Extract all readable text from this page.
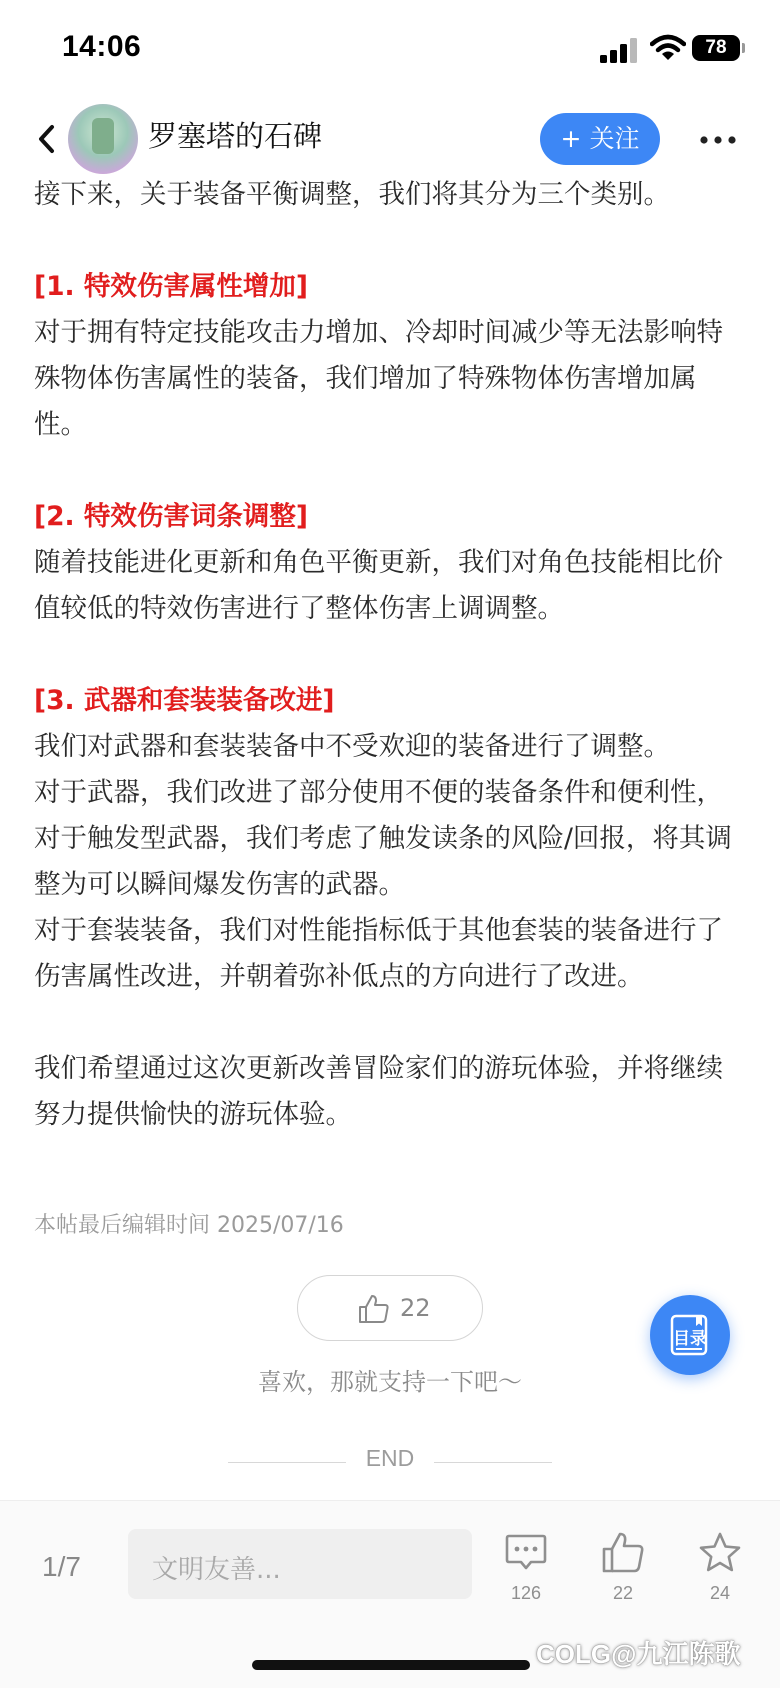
14:06	78
罗塞塔的石碑	+ 关注

接下来，关于装备平衡调整，我们将其分为三个类别。

[1. 特效伤害属性增加]

对于拥有特定技能攻击力增加、冷却时间减少等无法影响特殊物体伤害属性的装备，我们增加了特殊物体伤害增加属性。

[2. 特效伤害词条调整]

随着技能进化更新和角色平衡更新，我们对角色技能相比价值较低的特效伤害进行了整体伤害上调调整。

[3. 武器和套装装备改进]

我们对武器和套装装备中不受欢迎的装备进行了调整。

对于武器，我们改进了部分使用不便的装备条件和便利性，对于触发型武器，我们考虑了触发读条的风险/回报，将其调整为可以瞬间爆发伤害的武器。

对于套装装备，我们对性能指标低于其他套装的装备进行了伤害属性改进，并朝着弥补低点的方向进行了改进。

我们希望通过这次更新改善冒险家们的游玩体验，并将继续努力提供愉快的游玩体验。

本帖最后编辑时间 2025/07/16
22
喜欢，那就支持一下吧～
目录
END
1/7	文明友善...
126	22	24
COLG@九江陈歌
